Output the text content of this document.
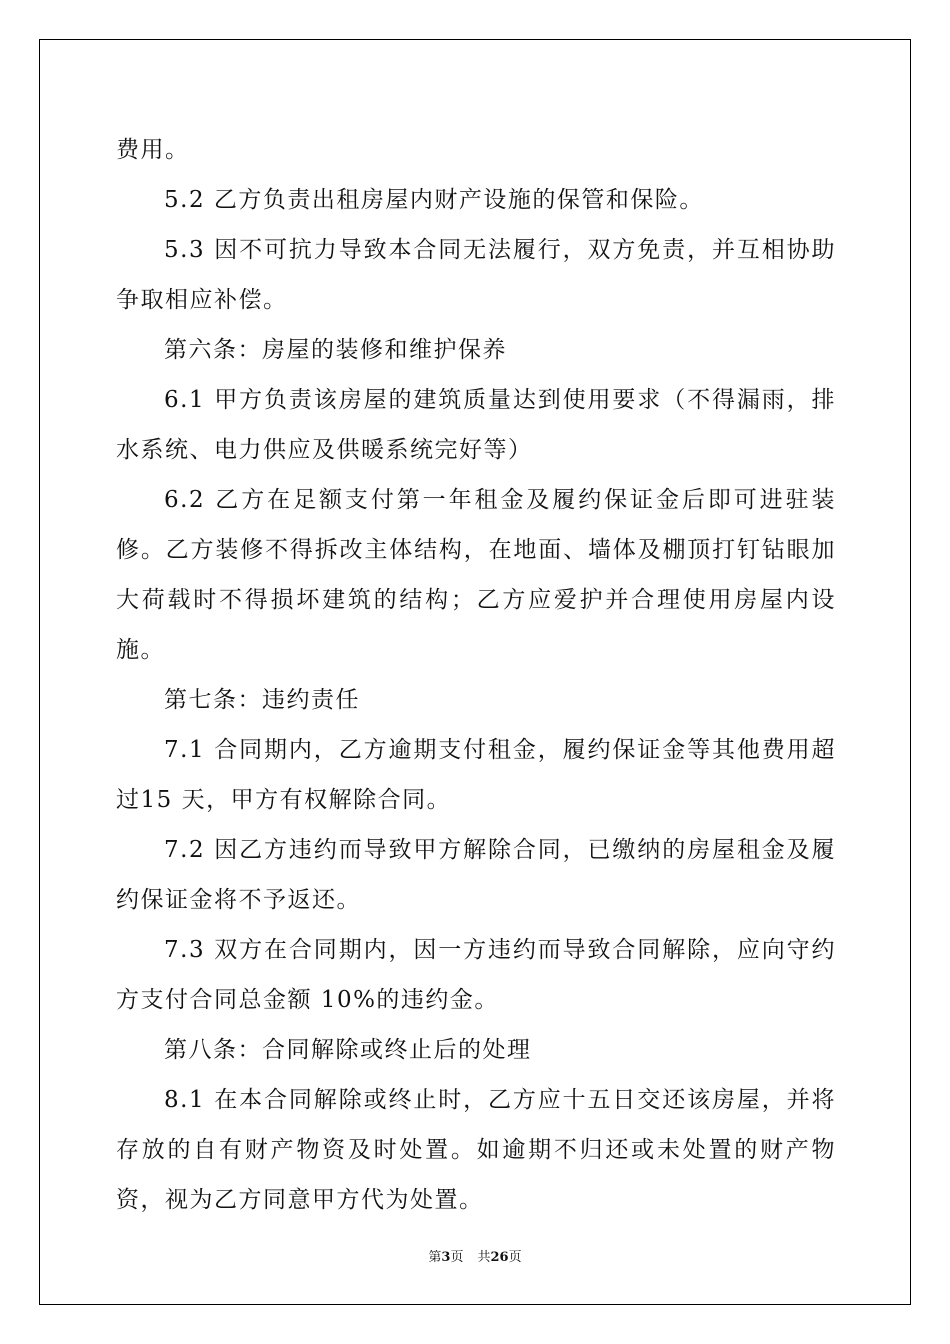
费用。

5.2 乙方负责出租房屋内财产设施的保管和保险。

5.3 因不可抗力导致本合同无法履行，双方免责，并互相协助争取相应补偿。

第六条：房屋的装修和维护保养

6.1 甲方负责该房屋的建筑质量达到使用要求（不得漏雨，排水系统、电力供应及供暖系统完好等）

6.2 乙方在足额支付第一年租金及履约保证金后即可进驻装修。乙方装修不得拆改主体结构，在地面、墙体及棚顶打钉钻眼加大荷载时不得损坏建筑的结构；乙方应爱护并合理使用房屋内设施。

第七条：违约责任

7.1 合同期内，乙方逾期支付租金，履约保证金等其他费用超过15 天，甲方有权解除合同。

7.2 因乙方违约而导致甲方解除合同，已缴纳的房屋租金及履约保证金将不予返还。

7.3 双方在合同期内，因一方违约而导致合同解除，应向守约方支付合同总金额 10%的违约金。

第八条：合同解除或终止后的处理

8.1 在本合同解除或终止时，乙方应十五日交还该房屋，并将存放的自有财产物资及时处置。如逾期不归还或未处置的财产物资，视为乙方同意甲方代为处置。

第3页 共26页
